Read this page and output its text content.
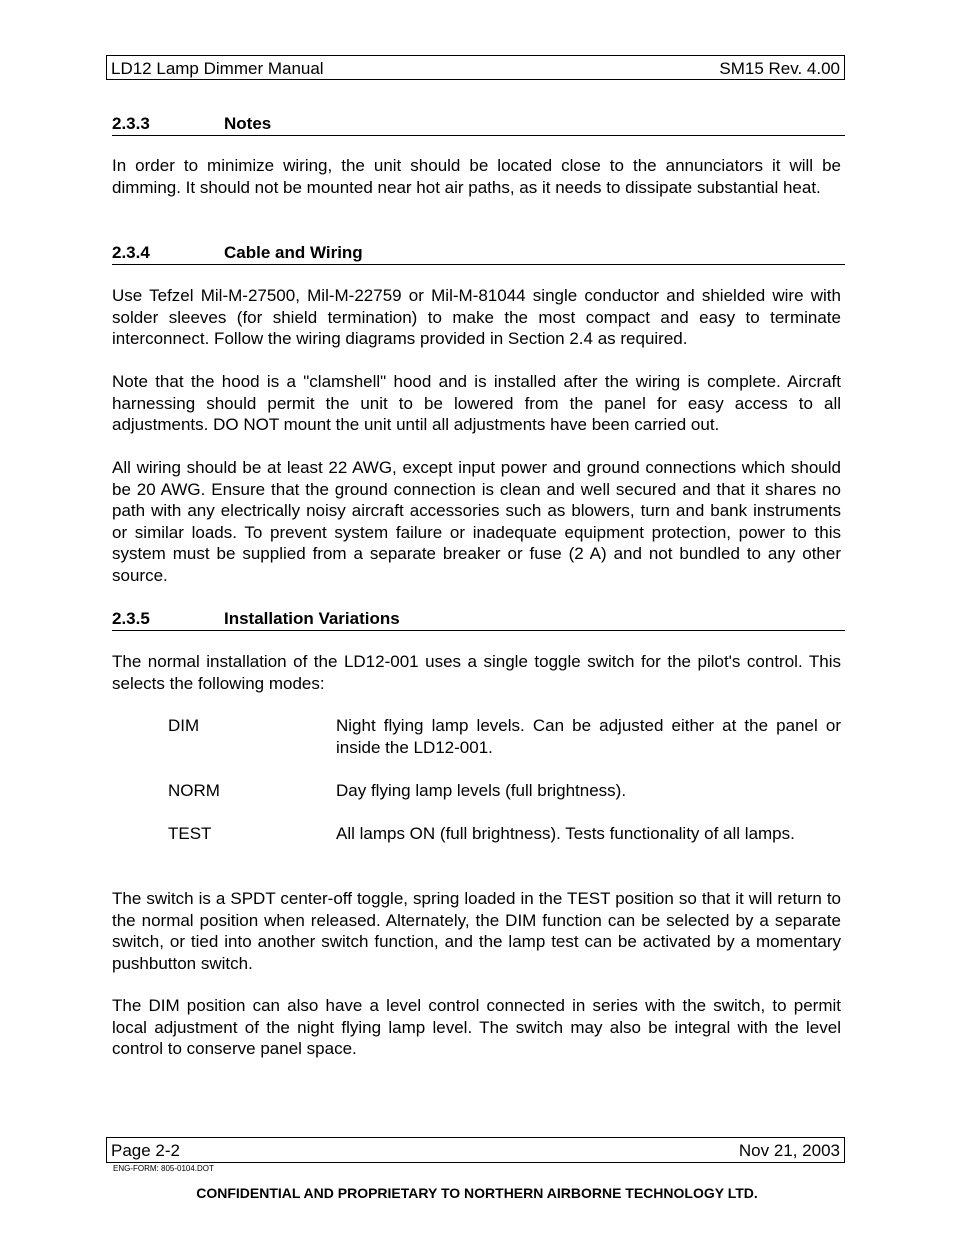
LD12 Lamp Dimmer Manual	SM15 Rev. 4.00
2.3.3	Notes

In order to minimize wiring, the unit should be located close to the annunciators it will be dimming. It should not be mounted near hot air paths, as it needs to dissipate substantial heat.

2.3.4	Cable and Wiring

Use Tefzel Mil-M-27500, Mil-M-22759 or Mil-M-81044 single conductor and shielded wire with solder sleeves (for shield termination) to make the most compact and easy to terminate interconnect. Follow the wiring diagrams provided in Section 2.4 as required.

Note that the hood is a "clamshell" hood and is installed after the wiring is complete. Aircraft harnessing should permit the unit to be lowered from the panel for easy access to all adjustments. DO NOT mount the unit until all adjustments have been carried out.

All wiring should be at least 22 AWG, except input power and ground connections which should be 20 AWG. Ensure that the ground connection is clean and well secured and that it shares no path with any electrically noisy aircraft accessories such as blowers, turn and bank instruments or similar loads. To prevent system failure or inadequate equipment protection, power to this system must be supplied from a separate breaker or fuse (2 A) and not bundled to any other source.

2.3.5	Installation Variations

The normal installation of the LD12-001 uses a single toggle switch for the pilot's control. This selects the following modes:

DIM	Night flying lamp levels. Can be adjusted either at the panel or inside the LD12-001.

NORM	Day flying lamp levels (full brightness).

TEST	All lamps ON (full brightness). Tests functionality of all lamps.

The switch is a SPDT center-off toggle, spring loaded in the TEST position so that it will return to the normal position when released. Alternately, the DIM function can be selected by a separate switch, or tied into another switch function, and the lamp test can be activated by a momentary pushbutton switch.

The DIM position can also have a level control connected in series with the switch, to permit local adjustment of the night flying lamp level. The switch may also be integral with the level control to conserve panel space.

Page 2-2	Nov 21, 2003
ENG-FORM: 805-0104.DOT
CONFIDENTIAL AND PROPRIETARY TO NORTHERN AIRBORNE TECHNOLOGY LTD.
